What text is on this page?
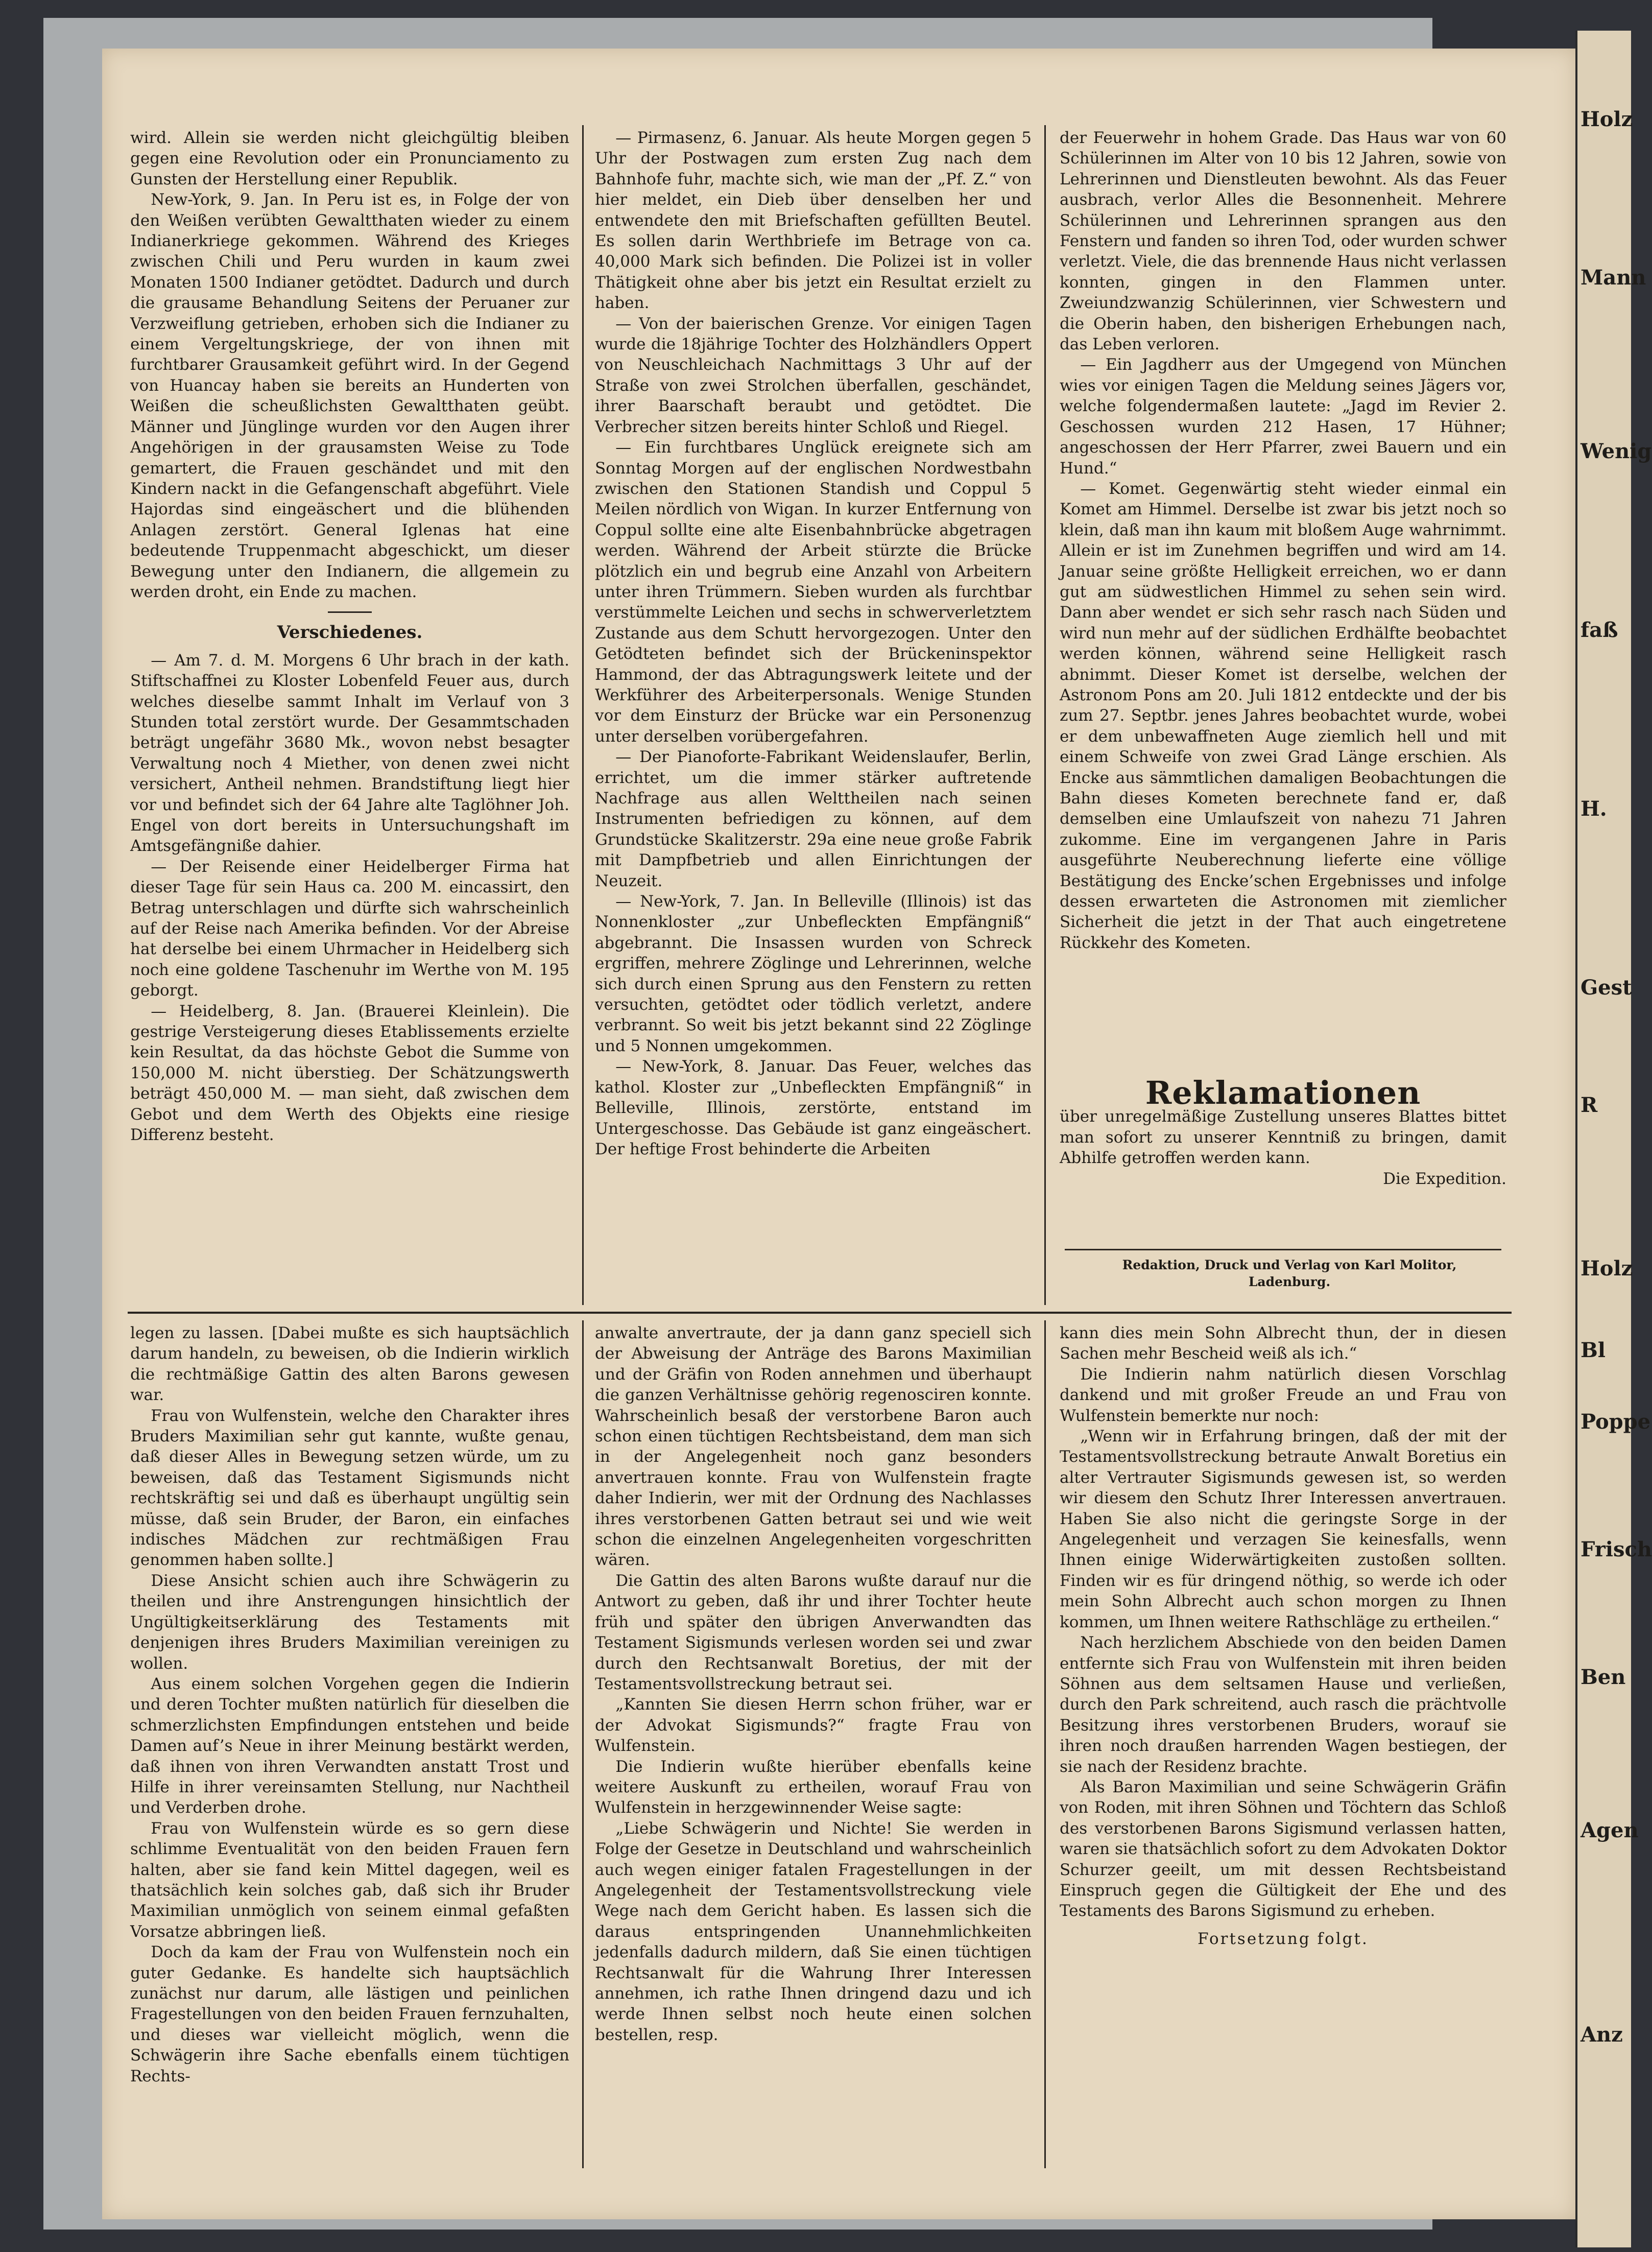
Holz
Mann
Wenig
faß
H.
Gest
R
Holz
Bl
Poppe
Frisch
Ben
Agen
Anz

wird. Allein sie werden nicht gleichgültig bleiben gegen eine Revolution oder ein Pronunciamento zu Gunsten der Herstellung einer Republik.

New-York, 9. Jan. In Peru ist es, in Folge der von den Weißen verübten Gewaltthaten wieder zu einem Indianerkriege gekommen. Während des Krieges zwischen Chili und Peru wurden in kaum zwei Monaten 1500 Indianer getödtet. Dadurch und durch die grausame Behandlung Seitens der Peruaner zur Verzweiflung getrieben, erhoben sich die Indianer zu einem Vergeltungskriege, der von ihnen mit furchtbarer Grausamkeit geführt wird. In der Gegend von Huancay haben sie bereits an Hunderten von Weißen die scheußlichsten Gewaltthaten geübt. Männer und Jünglinge wurden vor den Augen ihrer Angehörigen in der grausamsten Weise zu Tode gemartert, die Frauen geschändet und mit den Kindern nackt in die Gefangenschaft abgeführt. Viele Hajordas sind eingeäschert und die blühenden Anlagen zerstört. General Iglenas hat eine bedeutende Truppenmacht abgeschickt, um dieser Bewegung unter den Indianern, die allgemein zu werden droht, ein Ende zu machen.

Verschiedenes.

— Am 7. d. M. Morgens 6 Uhr brach in der kath. Stiftschaffnei zu Kloster Lobenfeld Feuer aus, durch welches dieselbe sammt Inhalt im Verlauf von 3 Stunden total zerstört wurde. Der Gesammtschaden beträgt ungefähr 3680 Mk., wovon nebst besagter Verwaltung noch 4 Miether, von denen zwei nicht versichert, Antheil nehmen. Brandstiftung liegt hier vor und befindet sich der 64 Jahre alte Taglöhner Joh. Engel von dort bereits in Untersuchungshaft im Amtsgefängniße dahier.

— Der Reisende einer Heidelberger Firma hat dieser Tage für sein Haus ca. 200 M. eincassirt, den Betrag unterschlagen und dürfte sich wahrscheinlich auf der Reise nach Amerika befinden. Vor der Abreise hat derselbe bei einem Uhrmacher in Heidelberg sich noch eine goldene Taschenuhr im Werthe von M. 195 geborgt.

— Heidelberg, 8. Jan. (Brauerei Kleinlein). Die gestrige Versteigerung dieses Etablissements erzielte kein Resultat, da das höchste Gebot die Summe von 150,000 M. nicht überstieg. Der Schätzungswerth beträgt 450,000 M. — man sieht, daß zwischen dem Gebot und dem Werth des Objekts eine riesige Differenz besteht.

— Pirmasenz, 6. Januar. Als heute Morgen gegen 5 Uhr der Postwagen zum ersten Zug nach dem Bahnhofe fuhr, machte sich, wie man der „Pf. Z.“ von hier meldet, ein Dieb über denselben her und entwendete den mit Briefschaften gefüllten Beutel. Es sollen darin Werthbriefe im Betrage von ca. 40,000 Mark sich befinden. Die Polizei ist in voller Thätigkeit ohne aber bis jetzt ein Resultat erzielt zu haben.

— Von der baierischen Grenze. Vor einigen Tagen wurde die 18jährige Tochter des Holzhändlers Oppert von Neuschleichach Nachmittags 3 Uhr auf der Straße von zwei Strolchen überfallen, geschändet, ihrer Baarschaft beraubt und getödtet. Die Verbrecher sitzen bereits hinter Schloß und Riegel.

— Ein furchtbares Unglück ereignete sich am Sonntag Morgen auf der englischen Nordwestbahn zwischen den Stationen Standish und Coppul 5 Meilen nördlich von Wigan. In kurzer Entfernung von Coppul sollte eine alte Eisenbahnbrücke abgetragen werden. Während der Arbeit stürzte die Brücke plötzlich ein und begrub eine Anzahl von Arbeitern unter ihren Trümmern. Sieben wurden als furchtbar verstümmelte Leichen und sechs in schwerverletztem Zustande aus dem Schutt hervorgezogen. Unter den Getödteten befindet sich der Brückeninspektor Hammond, der das Abtragungswerk leitete und der Werkführer des Arbeiterpersonals. Wenige Stunden vor dem Einsturz der Brücke war ein Personenzug unter derselben vorübergefahren.

— Der Pianoforte-Fabrikant Weidenslaufer, Berlin, errichtet, um die immer stärker auftretende Nachfrage aus allen Welttheilen nach seinen Instrumenten befriedigen zu können, auf dem Grundstücke Skalitzerstr. 29a eine neue große Fabrik mit Dampfbetrieb und allen Einrichtungen der Neuzeit.

— New-York, 7. Jan. In Belleville (Illinois) ist das Nonnenkloster „zur Unbefleckten Empfängniß“ abgebrannt. Die Insassen wurden von Schreck ergriffen, mehrere Zöglinge und Lehrerinnen, welche sich durch einen Sprung aus den Fenstern zu retten versuchten, getödtet oder tödlich verletzt, andere verbrannt. So weit bis jetzt bekannt sind 22 Zöglinge und 5 Nonnen umgekommen.

— New-York, 8. Januar. Das Feuer, welches das kathol. Kloster zur „Unbefleckten Empfängniß“ in Belleville, Illinois, zerstörte, entstand im Untergeschosse. Das Gebäude ist ganz eingeäschert. Der heftige Frost behinderte die Arbeiten

der Feuerwehr in hohem Grade. Das Haus war von 60 Schülerinnen im Alter von 10 bis 12 Jahren, sowie von Lehrerinnen und Dienstleuten bewohnt. Als das Feuer ausbrach, verlor Alles die Besonnenheit. Mehrere Schülerinnen und Lehrerinnen sprangen aus den Fenstern und fanden so ihren Tod, oder wurden schwer verletzt. Viele, die das brennende Haus nicht verlassen konnten, gingen in den Flammen unter. Zweiundzwanzig Schülerinnen, vier Schwestern und die Oberin haben, den bisherigen Erhebungen nach, das Leben verloren.

— Ein Jagdherr aus der Umgegend von München wies vor einigen Tagen die Meldung seines Jägers vor, welche folgendermaßen lautete: „Jagd im Revier 2. Geschossen wurden 212 Hasen, 17 Hühner; angeschossen der Herr Pfarrer, zwei Bauern und ein Hund.“

— Komet. Gegenwärtig steht wieder einmal ein Komet am Himmel. Derselbe ist zwar bis jetzt noch so klein, daß man ihn kaum mit bloßem Auge wahrnimmt. Allein er ist im Zunehmen begriffen und wird am 14. Januar seine größte Helligkeit erreichen, wo er dann gut am südwestlichen Himmel zu sehen sein wird. Dann aber wendet er sich sehr rasch nach Süden und wird nun mehr auf der südlichen Erdhälfte beobachtet werden können, während seine Helligkeit rasch abnimmt. Dieser Komet ist derselbe, welchen der Astronom Pons am 20. Juli 1812 entdeckte und der bis zum 27. Septbr. jenes Jahres beobachtet wurde, wobei er dem unbewaffneten Auge ziemlich hell und mit einem Schweife von zwei Grad Länge erschien. Als Encke aus sämmtlichen damaligen Beobachtungen die Bahn dieses Kometen berechnete fand er, daß demselben eine Umlaufszeit von nahezu 71 Jahren zukomme. Eine im vergangenen Jahre in Paris ausgeführte Neuberechnung lieferte eine völlige Bestätigung des Encke’schen Ergebnisses und infolge dessen erwarteten die Astronomen mit ziemlicher Sicherheit die jetzt in der That auch eingetretene Rückkehr des Kometen.

Reklamationen

über unregelmäßige Zustellung unseres Blattes bittet man sofort zu unserer Kenntniß zu bringen, damit Abhilfe getroffen werden kann.

Die Expedition.

Redaktion, Druck und Verlag von Karl Molitor,
Ladenburg.

legen zu lassen. [Dabei mußte es sich hauptsächlich darum handeln, zu beweisen, ob die Indierin wirklich die rechtmäßige Gattin des alten Barons gewesen war.

Frau von Wulfenstein, welche den Charakter ihres Bruders Maximilian sehr gut kannte, wußte genau, daß dieser Alles in Bewegung setzen würde, um zu beweisen, daß das Testament Sigismunds nicht rechtskräftig sei und daß es überhaupt ungültig sein müsse, daß sein Bruder, der Baron, ein einfaches indisches Mädchen zur rechtmäßigen Frau genommen haben sollte.]

Diese Ansicht schien auch ihre Schwägerin zu theilen und ihre Anstrengungen hinsichtlich der Ungültigkeitserklärung des Testaments mit denjenigen ihres Bruders Maximilian vereinigen zu wollen.

Aus einem solchen Vorgehen gegen die Indierin und deren Tochter mußten natürlich für dieselben die schmerzlichsten Empfindungen entstehen und beide Damen auf’s Neue in ihrer Meinung bestärkt werden, daß ihnen von ihren Verwandten anstatt Trost und Hilfe in ihrer vereinsamten Stellung, nur Nachtheil und Verderben drohe.

Frau von Wulfenstein würde es so gern diese schlimme Eventualität von den beiden Frauen fern halten, aber sie fand kein Mittel dagegen, weil es thatsächlich kein solches gab, daß sich ihr Bruder Maximilian unmöglich von seinem einmal gefaßten Vorsatze abbringen ließ.

Doch da kam der Frau von Wulfenstein noch ein guter Gedanke. Es handelte sich hauptsächlich zunächst nur darum, alle lästigen und peinlichen Fragestellungen von den beiden Frauen fernzuhalten, und dieses war vielleicht möglich, wenn die Schwägerin ihre Sache ebenfalls einem tüchtigen Rechts-

anwalte anvertraute, der ja dann ganz speciell sich der Abweisung der Anträge des Barons Maximilian und der Gräfin von Roden annehmen und überhaupt die ganzen Verhältnisse gehörig regenosciren konnte. Wahrscheinlich besaß der verstorbene Baron auch schon einen tüchtigen Rechtsbeistand, dem man sich in der Angelegenheit noch ganz besonders anvertrauen konnte. Frau von Wulfenstein fragte daher Indierin, wer mit der Ordnung des Nachlasses ihres verstorbenen Gatten betraut sei und wie weit schon die einzelnen Angelegenheiten vorgeschritten wären.

Die Gattin des alten Barons wußte darauf nur die Antwort zu geben, daß ihr und ihrer Tochter heute früh und später den übrigen Anverwandten das Testament Sigismunds verlesen worden sei und zwar durch den Rechtsanwalt Boretius, der mit der Testamentsvollstreckung betraut sei.

„Kannten Sie diesen Herrn schon früher, war er der Advokat Sigismunds?“ fragte Frau von Wulfenstein.

Die Indierin wußte hierüber ebenfalls keine weitere Auskunft zu ertheilen, worauf Frau von Wulfenstein in herzgewinnender Weise sagte:

„Liebe Schwägerin und Nichte! Sie werden in Folge der Gesetze in Deutschland und wahrscheinlich auch wegen einiger fatalen Fragestellungen in der Angelegenheit der Testamentsvollstreckung viele Wege nach dem Gericht haben. Es lassen sich die daraus entspringenden Unannehmlichkeiten jedenfalls dadurch mildern, daß Sie einen tüchtigen Rechtsanwalt für die Wahrung Ihrer Interessen annehmen, ich rathe Ihnen dringend dazu und ich werde Ihnen selbst noch heute einen solchen bestellen, resp.

kann dies mein Sohn Albrecht thun, der in diesen Sachen mehr Bescheid weiß als ich.“

Die Indierin nahm natürlich diesen Vorschlag dankend und mit großer Freude an und Frau von Wulfenstein bemerkte nur noch:

„Wenn wir in Erfahrung bringen, daß der mit der Testamentsvollstreckung betraute Anwalt Boretius ein alter Vertrauter Sigismunds gewesen ist, so werden wir diesem den Schutz Ihrer Interessen anvertrauen. Haben Sie also nicht die geringste Sorge in der Angelegenheit und verzagen Sie keinesfalls, wenn Ihnen einige Widerwärtigkeiten zustoßen sollten. Finden wir es für dringend nöthig, so werde ich oder mein Sohn Albrecht auch schon morgen zu Ihnen kommen, um Ihnen weitere Rathschläge zu ertheilen.“

Nach herzlichem Abschiede von den beiden Damen entfernte sich Frau von Wulfenstein mit ihren beiden Söhnen aus dem seltsamen Hause und verließen, durch den Park schreitend, auch rasch die prächtvolle Besitzung ihres verstorbenen Bruders, worauf sie ihren noch draußen harrenden Wagen bestiegen, der sie nach der Residenz brachte.

Als Baron Maximilian und seine Schwägerin Gräfin von Roden, mit ihren Söhnen und Töchtern das Schloß des verstorbenen Barons Sigismund verlassen hatten, waren sie thatsächlich sofort zu dem Advokaten Doktor Schurzer geeilt, um mit dessen Rechtsbeistand Einspruch gegen die Gültigkeit der Ehe und des Testaments des Barons Sigismund zu erheben.

Fortsetzung folgt.
